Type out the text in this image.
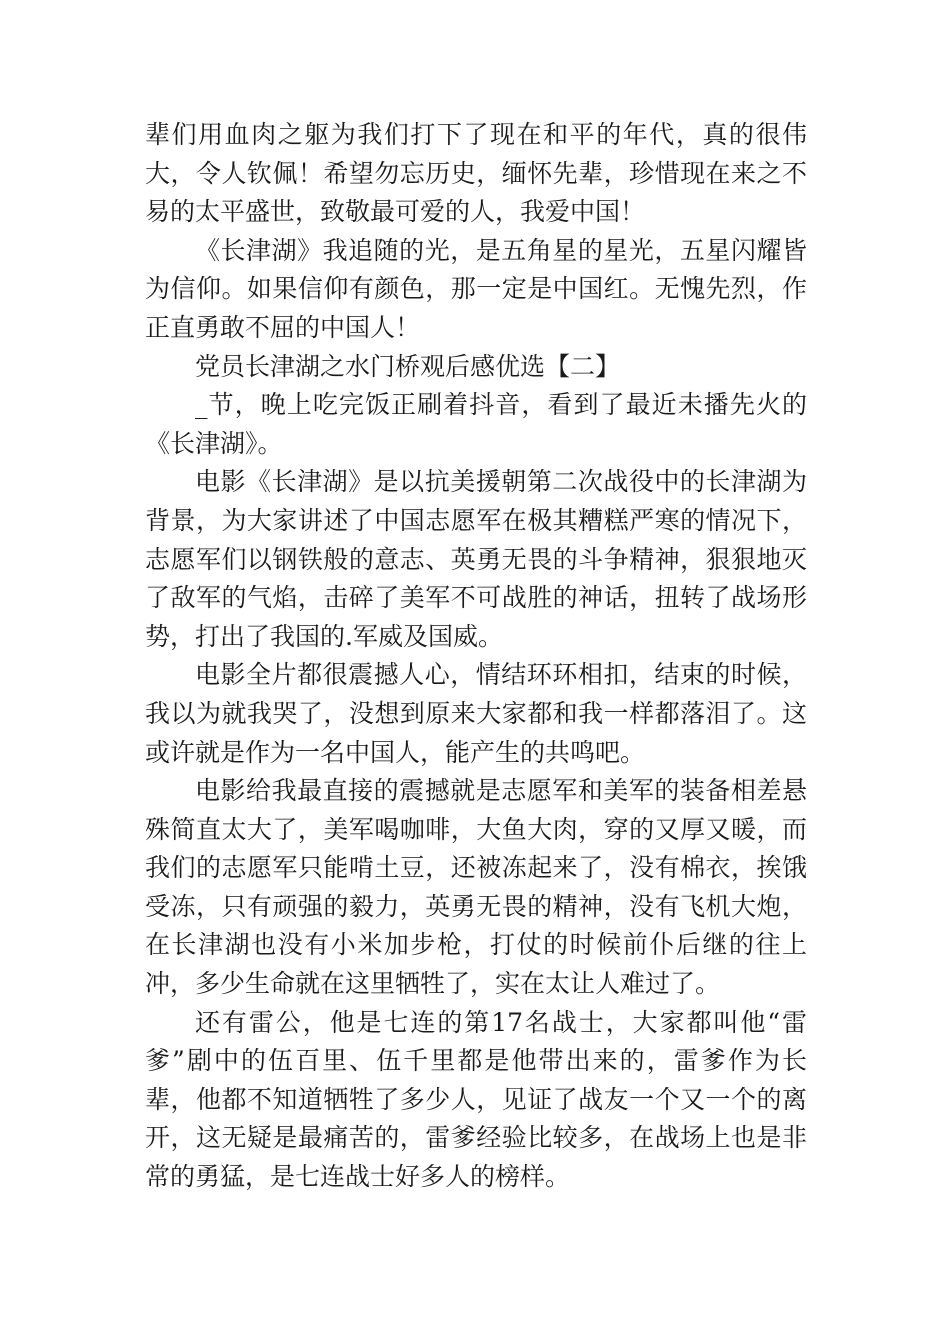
辈们用血肉之躯为我们打下了现在和平的年代，真的很伟大，令人钦佩！希望勿忘历史，缅怀先辈，珍惜现在来之不易的太平盛世，致敬最可爱的人，我爱中国！

《长津湖》我追随的光，是五角星的星光，五星闪耀皆为信仰。如果信仰有颜色，那一定是中国红。无愧先烈，作正直勇敢不屈的中国人！

党员长津湖之水门桥观后感优选【二】

_节，晚上吃完饭正刷着抖音，看到了最近未播先火的《长津湖》。

电影《长津湖》是以抗美援朝第二次战役中的长津湖为背景，为大家讲述了中国志愿军在极其糟糕严寒的情况下，志愿军们以钢铁般的意志、英勇无畏的斗争精神，狠狠地灭了敌军的气焰，击碎了美军不可战胜的神话，扭转了战场形势，打出了我国的.军威及国威。

电影全片都很震撼人心，情结环环相扣，结束的时候，我以为就我哭了，没想到原来大家都和我一样都落泪了。这或许就是作为一名中国人，能产生的共鸣吧。

电影给我最直接的震撼就是志愿军和美军的装备相差悬殊简直太大了，美军喝咖啡，大鱼大肉，穿的又厚又暖，而我们的志愿军只能啃土豆，还被冻起来了，没有棉衣，挨饿受冻，只有顽强的毅力，英勇无畏的精神，没有飞机大炮，在长津湖也没有小米加步枪，打仗的时候前仆后继的往上冲，多少生命就在这里牺牲了，实在太让人难过了。

还有雷公，他是七连的第17名战士，大家都叫他“雷爹”剧中的伍百里、伍千里都是他带出来的，雷爹作为长辈，他都不知道牺牲了多少人，见证了战友一个又一个的离开，这无疑是最痛苦的，雷爹经验比较多，在战场上也是非常的勇猛，是七连战士好多人的榜样。
